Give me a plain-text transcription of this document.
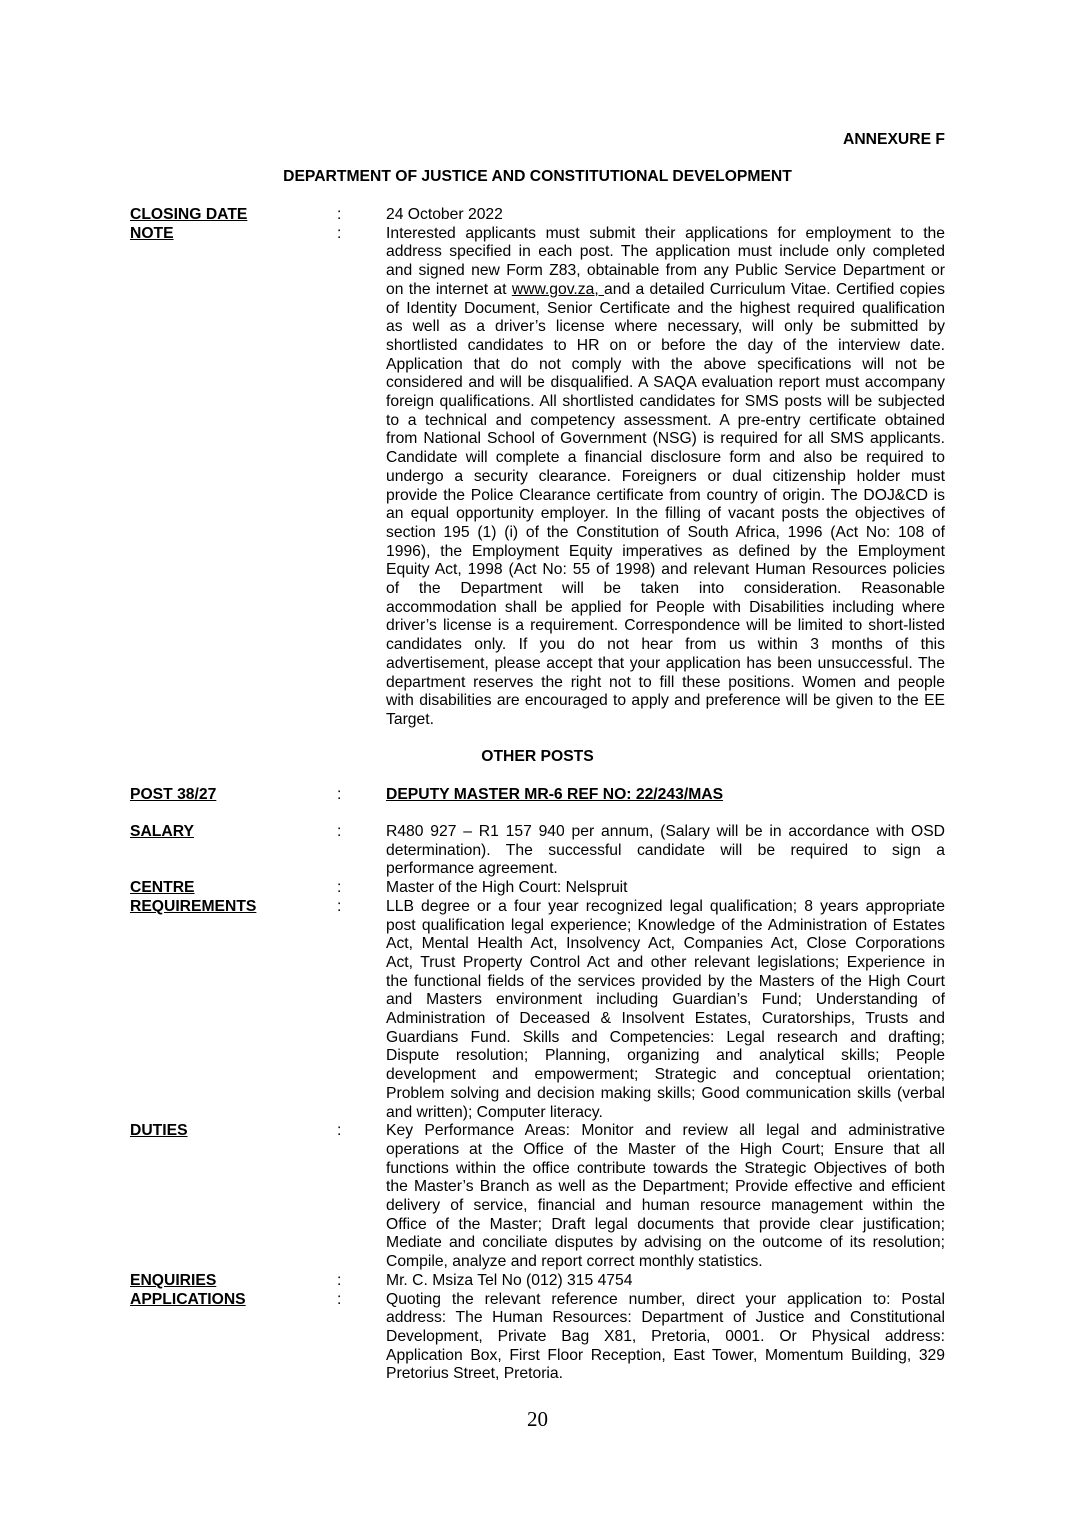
ANNEXURE F
DEPARTMENT OF JUSTICE AND CONSTITUTIONAL DEVELOPMENT
CLOSING DATE	:	24 October 2022
NOTE	:	Interested applicants must submit their applications for employment to the
address specified in each post. The application must include only completed
and signed new Form Z83, obtainable from any Public Service Department or
on the internet at www.gov.za, and a detailed Curriculum Vitae. Certified copies
of Identity Document, Senior Certificate and the highest required qualification
as well as a driver’s license where necessary, will only be submitted by
shortlisted candidates to HR on or before the day of the interview date.
Application that do not comply with the above specifications will not be
considered and will be disqualified. A SAQA evaluation report must accompany
foreign qualifications. All shortlisted candidates for SMS posts will be subjected
to a technical and competency assessment. A pre-entry certificate obtained
from National School of Government (NSG) is required for all SMS applicants.
Candidate will complete a financial disclosure form and also be required to
undergo a security clearance. Foreigners or dual citizenship holder must
provide the Police Clearance certificate from country of origin. The DOJ&CD is
an equal opportunity employer. In the filling of vacant posts the objectives of
section 195 (1) (i) of the Constitution of South Africa, 1996 (Act No: 108 of
1996), the Employment Equity imperatives as defined by the Employment
Equity Act, 1998 (Act No: 55 of 1998) and relevant Human Resources policies
of the Department will be taken into consideration. Reasonable
accommodation shall be applied for People with Disabilities including where
driver’s license is a requirement. Correspondence will be limited to short-listed
candidates only. If you do not hear from us within 3 months of this
advertisement, please accept that your application has been unsuccessful. The
department reserves the right not to fill these positions. Women and people
with disabilities are encouraged to apply and preference will be given to the EE
Target.
OTHER POSTS
POST 38/27	:	DEPUTY MASTER MR-6 REF NO: 22/243/MAS
SALARY	:	R480 927 – R1 157 940 per annum, (Salary will be in accordance with OSD
determination). The successful candidate will be required to sign a
performance agreement.
CENTRE	:	Master of the High Court: Nelspruit
REQUIREMENTS	:	LLB degree or a four year recognized legal qualification; 8 years appropriate
post qualification legal experience; Knowledge of the Administration of Estates
Act, Mental Health Act, Insolvency Act, Companies Act, Close Corporations
Act, Trust Property Control Act and other relevant legislations; Experience in
the functional fields of the services provided by the Masters of the High Court
and Masters environment including Guardian’s Fund; Understanding of
Administration of Deceased & Insolvent Estates, Curatorships, Trusts and
Guardians Fund. Skills and Competencies: Legal research and drafting;
Dispute resolution; Planning, organizing and analytical skills; People
development and empowerment; Strategic and conceptual orientation;
Problem solving and decision making skills; Good communication skills (verbal
and written); Computer literacy.
DUTIES	:	Key Performance Areas: Monitor and review all legal and administrative
operations at the Office of the Master of the High Court; Ensure that all
functions within the office contribute towards the Strategic Objectives of both
the Master’s Branch as well as the Department; Provide effective and efficient
delivery of service, financial and human resource management within the
Office of the Master; Draft legal documents that provide clear justification;
Mediate and conciliate disputes by advising on the outcome of its resolution;
Compile, analyze and report correct monthly statistics.
ENQUIRIES	:	Mr. C. Msiza Tel No (012) 315 4754
APPLICATIONS	:	Quoting the relevant reference number, direct your application to: Postal
address: The Human Resources: Department of Justice and Constitutional
Development, Private Bag X81, Pretoria, 0001. Or Physical address:
Application Box, First Floor Reception, East Tower, Momentum Building, 329
Pretorius Street, Pretoria.
20
